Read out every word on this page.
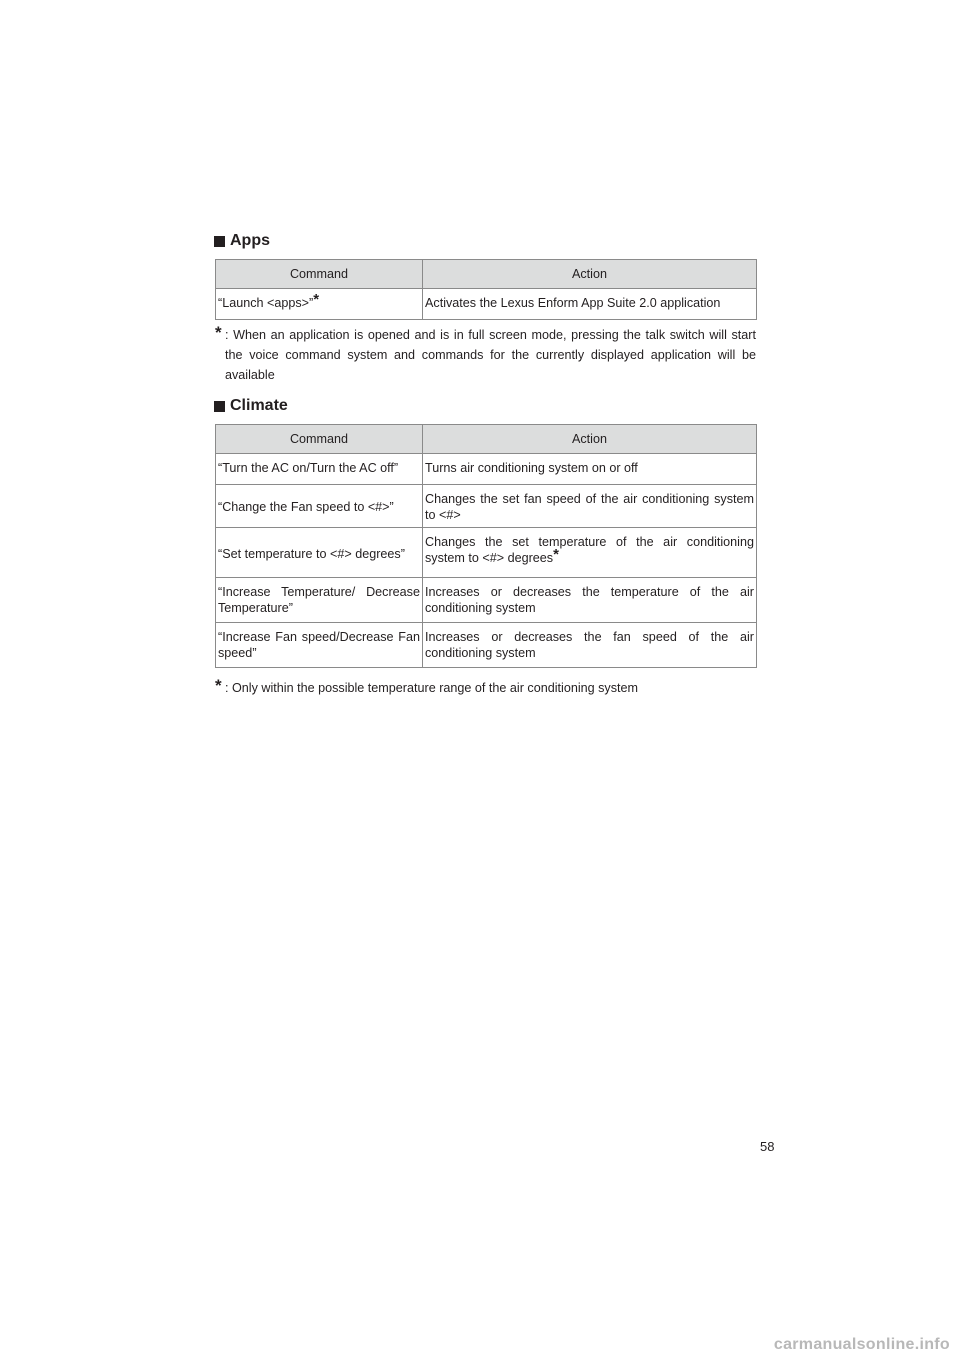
Apps
Command	Action
“Launch <apps>”*	Activates the Lexus Enform App Suite 2.0 application
* : When an application is opened and is in full screen mode, pressing the talk switch will start the voice command system and commands for the currently displayed application will be available
Climate
Command	Action
“Turn the AC on/Turn the AC off”	Turns air conditioning system on or off
“Change the Fan speed to <#>”	Changes the set fan speed of the air conditioning system to <#>
“Set temperature to <#> degrees”	Changes the set temperature of the air conditioning system to <#> degrees*
“Increase Temperature/ Decrease Temperature”	Increases or decreases the temperature of the air conditioning system
“Increase Fan speed/Decrease Fan speed”	Increases or decreases the fan speed of the air conditioning system
* : Only within the possible temperature range of the air conditioning system
58
carmanualsonline.info
